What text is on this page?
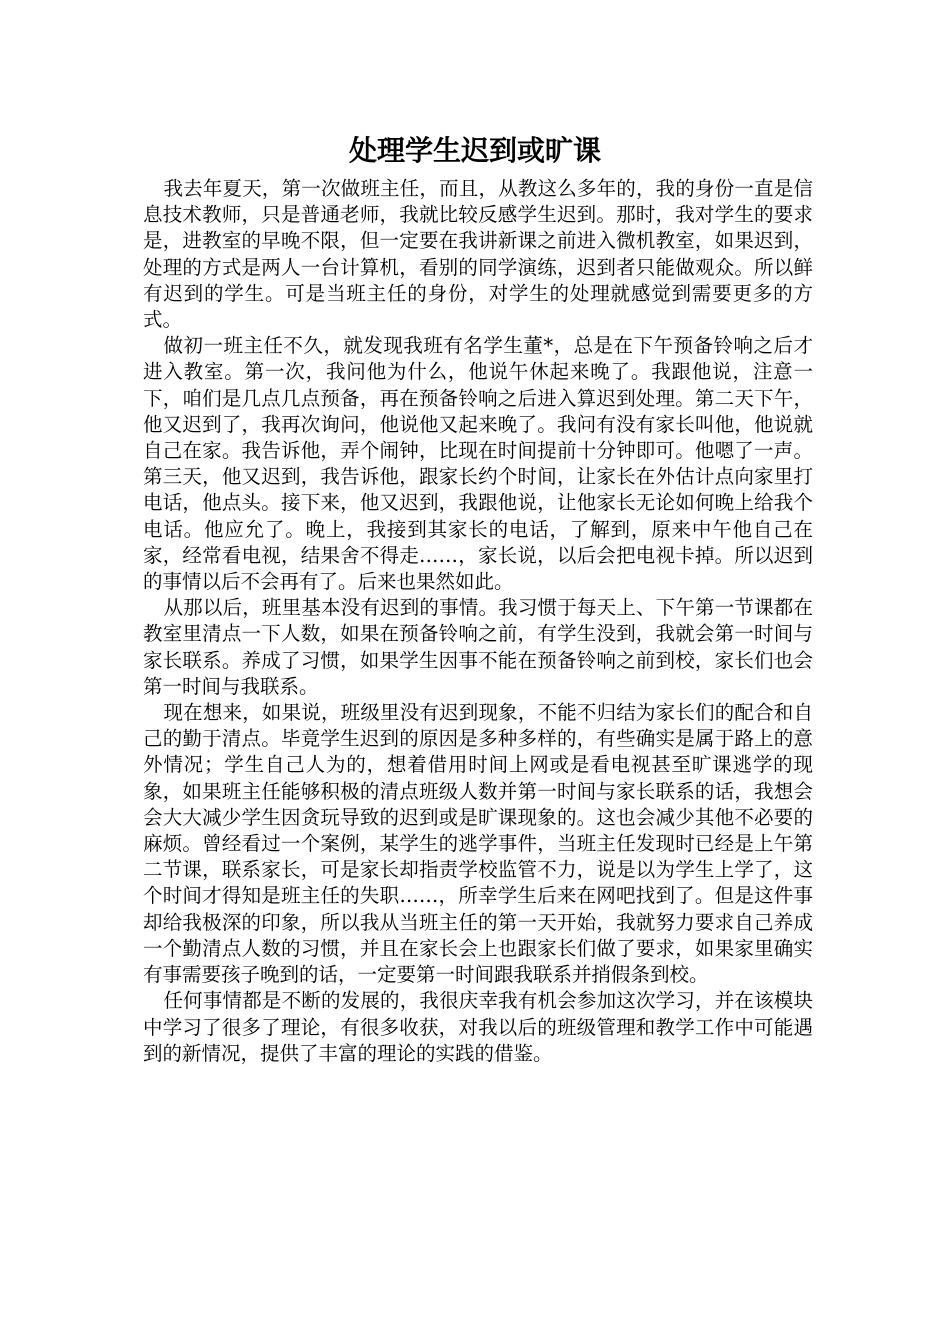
处理学生迟到或旷课

我去年夏天，第一次做班主任，而且，从教这么多年的，我的身份一直是信息技术教师，只是普通老师，我就比较反感学生迟到。那时，我对学生的要求是，进教室的早晚不限，但一定要在我讲新课之前进入微机教室，如果迟到，处理的方式是两人一台计算机，看别的同学演练，迟到者只能做观众。所以鲜有迟到的学生。可是当班主任的身份，对学生的处理就感觉到需要更多的方式。

做初一班主任不久，就发现我班有名学生董*，总是在下午预备铃响之后才进入教室。第一次，我问他为什么，他说午休起来晚了。我跟他说，注意一下，咱们是几点几点预备，再在预备铃响之后进入算迟到处理。第二天下午，他又迟到了，我再次询问，他说他又起来晚了。我问有没有家长叫他，他说就自己在家。我告诉他，弄个闹钟，比现在时间提前十分钟即可。他嗯了一声。第三天，他又迟到，我告诉他，跟家长约个时间，让家长在外估计点向家里打电话，他点头。接下来，他又迟到，我跟他说，让他家长无论如何晚上给我个电话。他应允了。晚上，我接到其家长的电话，了解到，原来中午他自己在家，经常看电视，结果舍不得走……，家长说，以后会把电视卡掉。所以迟到的事情以后不会再有了。后来也果然如此。

从那以后，班里基本没有迟到的事情。我习惯于每天上、下午第一节课都在教室里清点一下人数，如果在预备铃响之前，有学生没到，我就会第一时间与家长联系。养成了习惯，如果学生因事不能在预备铃响之前到校，家长们也会第一时间与我联系。

现在想来，如果说，班级里没有迟到现象，不能不归结为家长们的配合和自己的勤于清点。毕竟学生迟到的原因是多种多样的，有些确实是属于路上的意外情况；学生自己人为的，想着借用时间上网或是看电视甚至旷课逃学的现象，如果班主任能够积极的清点班级人数并第一时间与家长联系的话，我想会会大大减少学生因贪玩导致的迟到或是旷课现象的。这也会减少其他不必要的麻烦。曾经看过一个案例，某学生的逃学事件，当班主任发现时已经是上午第二节课，联系家长，可是家长却指责学校监管不力，说是以为学生上学了，这个时间才得知是班主任的失职……，所幸学生后来在网吧找到了。但是这件事却给我极深的印象，所以我从当班主任的第一天开始，我就努力要求自己养成一个勤清点人数的习惯，并且在家长会上也跟家长们做了要求，如果家里确实有事需要孩子晚到的话，一定要第一时间跟我联系并捎假条到校。

任何事情都是不断的发展的，我很庆幸我有机会参加这次学习，并在该模块中学习了很多了理论，有很多收获，对我以后的班级管理和教学工作中可能遇到的新情况，提供了丰富的理论的实践的借鉴。
